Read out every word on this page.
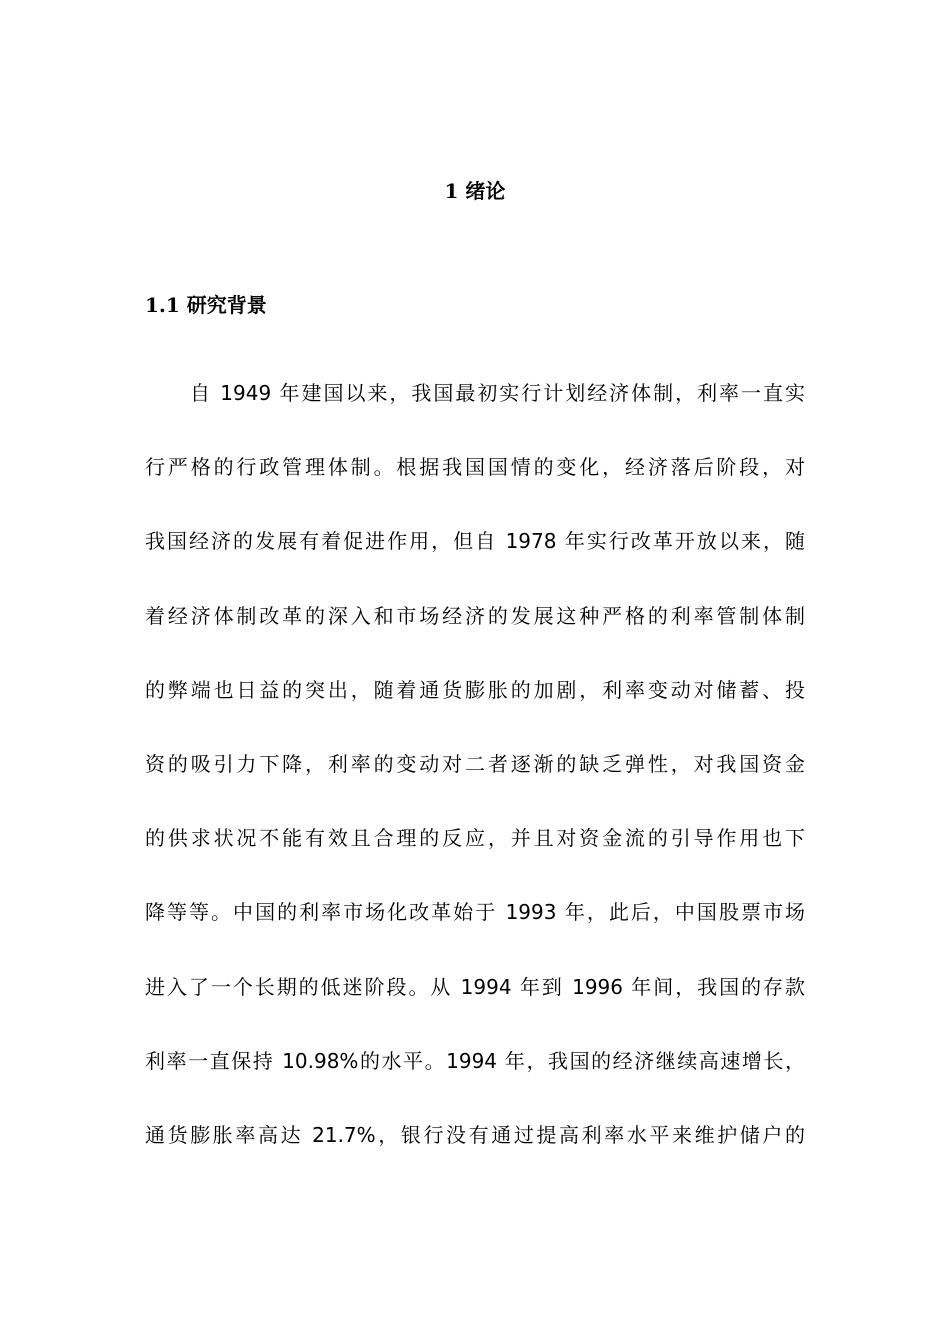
1 绪论
1.1 研究背景
自 1949 年建国以来，我国最初实行计划经济体制，利率一直实
行严格的行政管理体制。根据我国国情的变化，经济落后阶段，对
我国经济的发展有着促进作用，但自 1978 年实行改革开放以来，随
着经济体制改革的深入和市场经济的发展这种严格的利率管制体制
的弊端也日益的突出，随着通货膨胀的加剧，利率变动对储蓄、投
资的吸引力下降，利率的变动对二者逐渐的缺乏弹性，对我国资金
的供求状况不能有效且合理的反应，并且对资金流的引导作用也下
降等等。中国的利率市场化改革始于 1993 年，此后，中国股票市场
进入了一个长期的低迷阶段。从 1994 年到 1996 年间，我国的存款
利率一直保持 10.98%的水平。1994 年，我国的经济继续高速增长，
通货膨胀率高达 21.7%，银行没有通过提高利率水平来维护储户的
